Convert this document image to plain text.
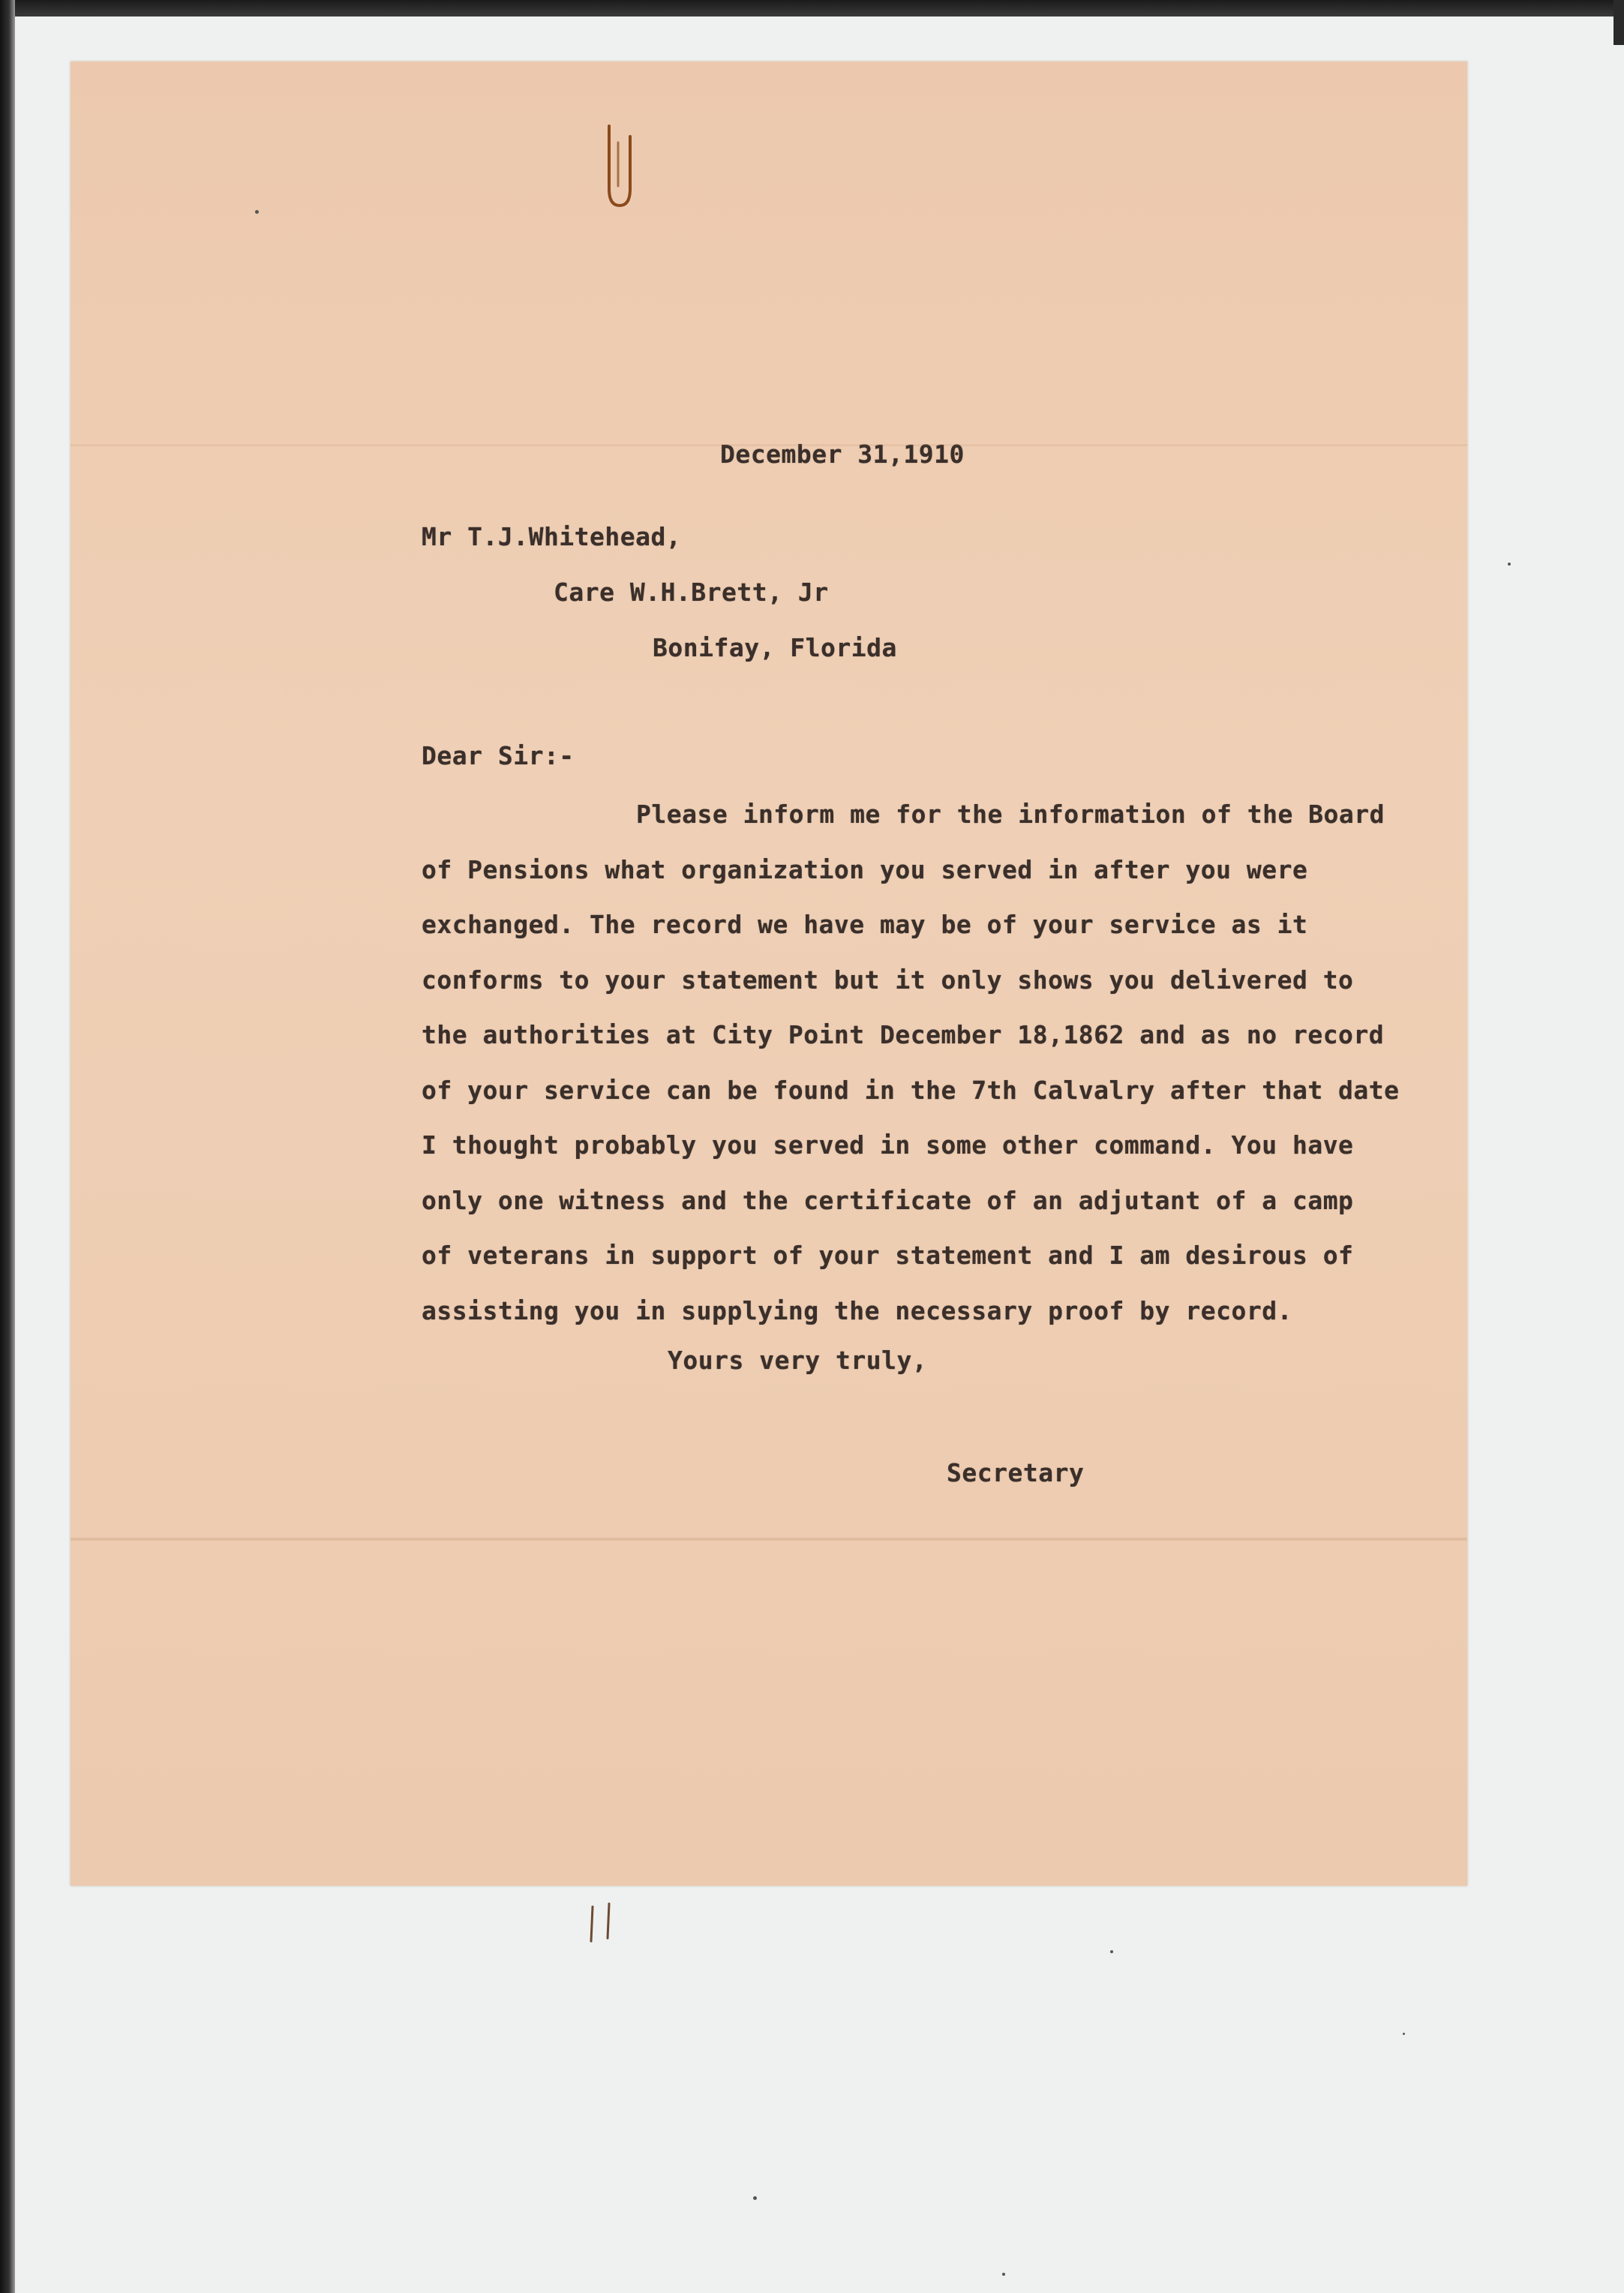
December 31,1910
Mr T.J.Whitehead,
Care W.H.Brett, Jr
Bonifay, Florida
Dear Sir:-
Please inform me for the information of the Board
of Pensions what organization you served in after you were
exchanged. The record we have may be of your service as it
conforms to your statement but it only shows you delivered to
the authorities at City Point December 18,1862 and as no record
of your service can be found in the 7th Calvalry after that date
I thought probably you served in some other command. You have
only one witness and the certificate of an adjutant of a camp
of veterans in support of your statement and I am desirous of
assisting you in supplying the necessary proof by record.
Yours very truly,
Secretary
